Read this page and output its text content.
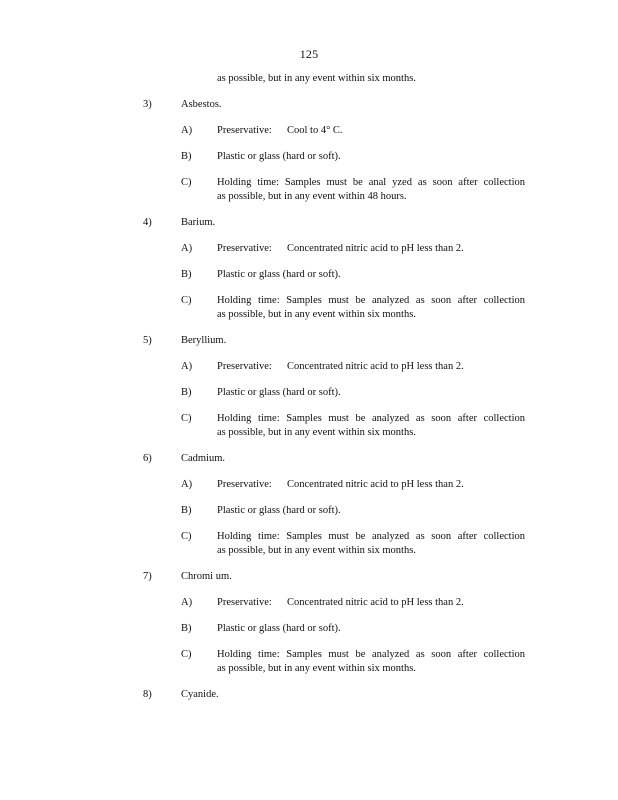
125
as possible, but in any event within six months.
3)	Asbestos.
A) Preservative: Cool to 4° C.
B) Plastic or glass (hard or soft).
C) Holding time: Samples must be anal yzed as soon after collection
as possible, but in any event within 48 hours.
4)	Barium.
A) Preservative: Concentrated nitric acid to pH less than 2.
B) Plastic or glass (hard or soft).
C) Holding time: Samples must be analyzed as soon after collection
as possible, but in any event within six months.
5)	Beryllium.
A) Preservative: Concentrated nitric acid to pH less than 2.
B) Plastic or glass (hard or soft).
C) Holding time: Samples must be analyzed as soon after collection
as possible, but in any event within six months.
6)	Cadmium.
A) Preservative: Concentrated nitric acid to pH less than 2.
B) Plastic or glass (hard or soft).
C) Holding time: Samples must be analyzed as soon after collection
as possible, but in any event within six months.
7)	Chromi um.
A) Preservative: Concentrated nitric acid to pH less than 2.
B) Plastic or glass (hard or soft).
C) Holding time: Samples must be analyzed as soon after collection
as possible, but in any event within six months.
8)	Cyanide.
